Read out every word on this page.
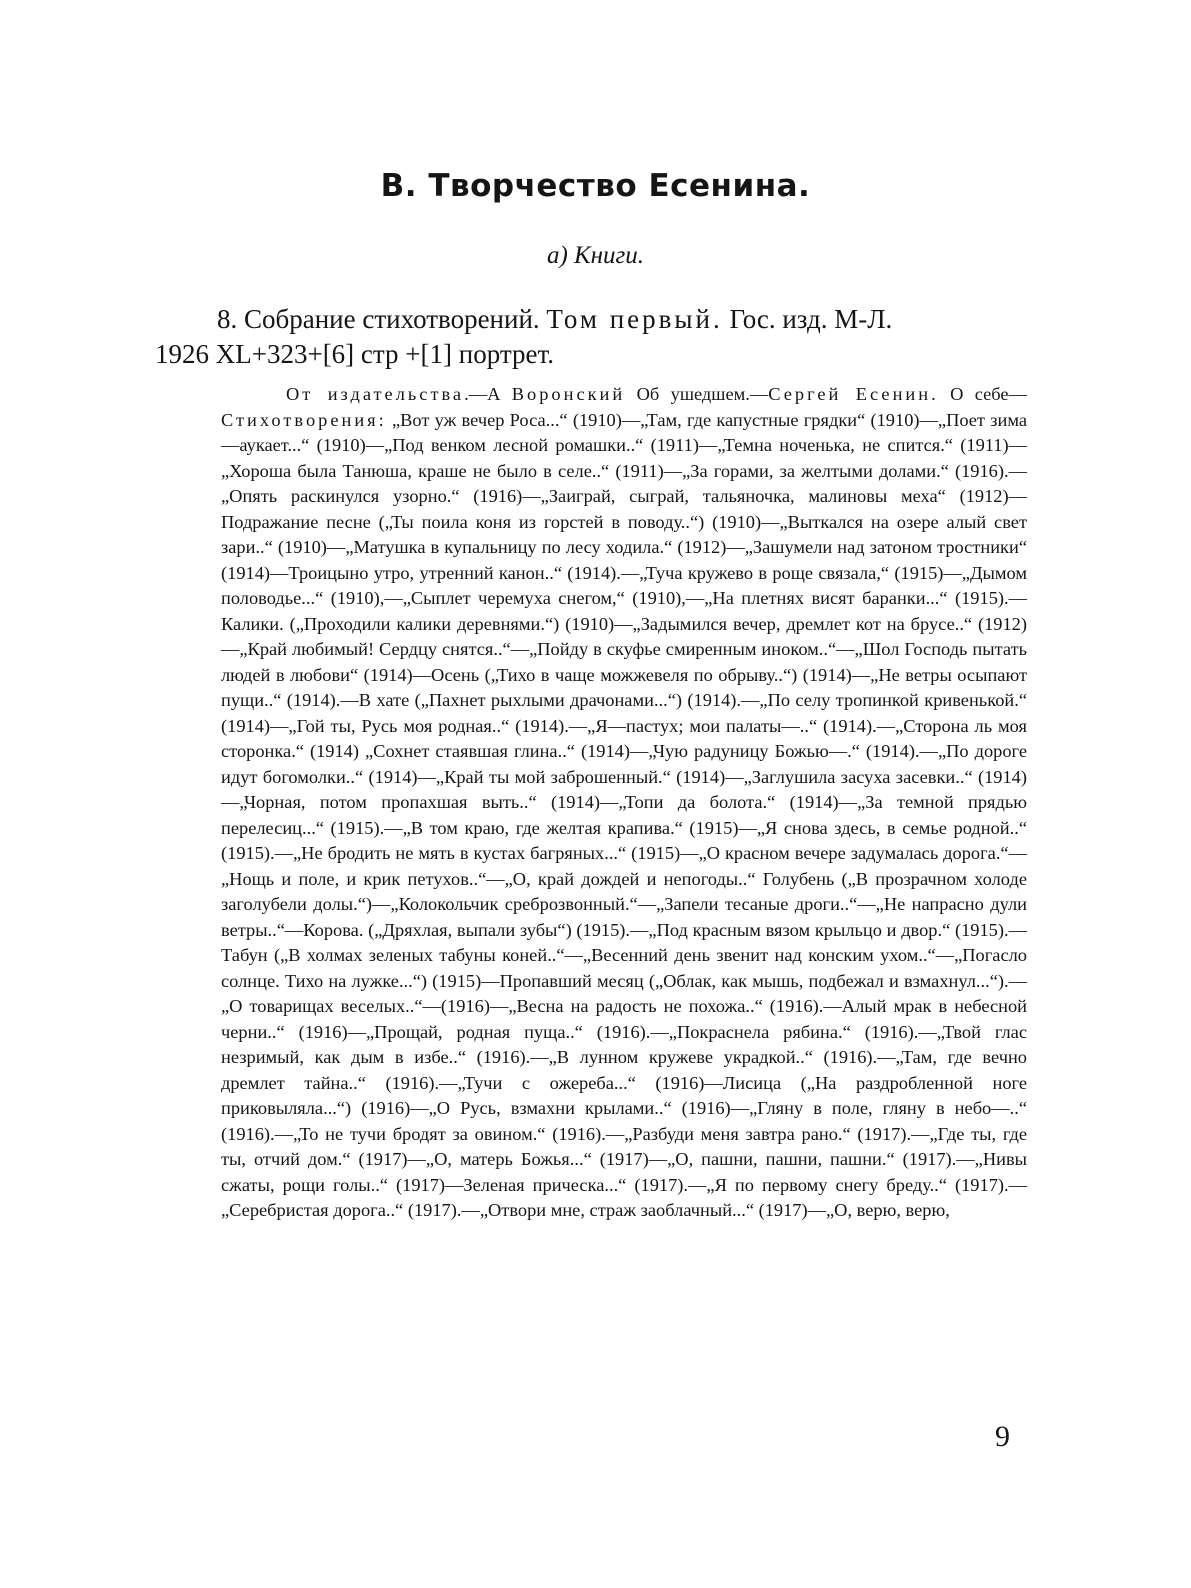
B. Творчество Есенина.
а) Книги.
8. Собрание стихотворений. Том первый. Гос. изд. М-Л.
1926 XL+323+[6] стр +[1] портрет.
От издательства.—А Воронский Об ушедшем.—Сергей Есенин. О себе—Стихотворения: „Вот уж вечер Роса...“ (1910)—„Там, где капустные грядки“ (1910)—„Поет зима—аукает...“ (1910)—„Под венком лесной ромашки..“ (1911)—„Темна ноченька, не спится.“ (1911)—„Хороша была Танюша, краше не было в селе..“ (1911)—„За горами, за желтыми долами.“ (1916).—„Опять раскинулся узорно.“ (1916)—„Заиграй, сыграй, тальяночка, малиновы меха“ (1912)—Подражание песне („Ты поила коня из горстей в поводу..“) (1910)—„Выткался на озере алый свет зари..“ (1910)—„Матушка в купальницу по лесу ходила.“ (1912)—„Зашумели над затоном тростники“ (1914)—Троицыно утро, утренний канон..“ (1914).—„Туча кружево в роще связала,“ (1915)—„Дымом половодье...“ (1910),—„Сыплет черемуха снегом,“ (1910),—„На плетнях висят баранки...“ (1915).—Калики. („Проходили калики деревнями.“) (1910)—„Задымился вечер, дремлет кот на брусе..“ (1912)—„Край любимый! Сердцу снятся..“—„Пойду в скуфье смиренным иноком..“—„Шол Господь пытать людей в любови“ (1914)—Осень („Тихо в чаще можжевеля по обрыву..“) (1914)—„Не ветры осыпают пущи..“ (1914).—В хате („Пахнет рыхлыми драчонами...“) (1914).—„По селу тропинкой кривенькой.“ (1914)—„Гой ты, Русь моя родная..“ (1914).—„Я—пастух; мои палаты—..“ (1914).—„Сторона ль моя сторонка.“ (1914) „Сохнет стаявшая глина..“ (1914)—„Чую радуницу Божью—.“ (1914).—„По дороге идут богомолки..“ (1914)—„Край ты мой заброшенный.“ (1914)—„Заглушила засуха засевки..“ (1914)—„Чорная, потом пропахшая выть..“ (1914)—„Топи да болота.“ (1914)—„За темной прядью перелесиц...“ (1915).—„В том краю, где желтая крапива.“ (1915)—„Я снова здесь, в семье родной..“ (1915).—„Не бродить не мять в кустах багряных...“ (1915)—„О красном вечере задумалась дорога.“—„Нощь и поле, и крик петухов..“—„О, край дождей и непогоды..“ Голубень („В прозрачном холоде заголубели долы.“)—„Колокольчик среброзвонный.“—„Запели тесаные дроги..“—„Не напрасно дули ветры..“—Корова. („Дряхлая, выпали зубы“) (1915).—„Под красным вязом крыльцо и двор.“ (1915).—Табун („В холмах зеленых табуны коней..“—„Весенний день звенит над конским ухом..“—„Погасло солнце. Тихо на лужке...“) (1915)—Пропавший месяц („Облак, как мышь, подбежал и взмахнул...“).—„О товарищах веселых..“—(1916)—„Весна на радость не похожа..“ (1916).—Алый мрак в небесной черни..“ (1916)—„Прощай, родная пуща..“ (1916).—„Покраснела рябина.“ (1916).—„Твой глас незримый, как дым в избе..“ (1916).—„В лунном кружеве украдкой..“ (1916).—„Там, где вечно дремлет тайна..“ (1916).—„Тучи с ожереба...“ (1916)—Лисица („На раздробленной ноге приковыляла...“) (1916)—„О Русь, взмахни крылами..“ (1916)—„Гляну в поле, гляну в небо—..“ (1916).—„То не тучи бродят за овином.“ (1916).—„Разбуди меня завтра рано.“ (1917).—„Где ты, где ты, отчий дом.“ (1917)—„О, матерь Божья...“ (1917)—„О, пашни, пашни, пашни.“ (1917).—„Нивы сжаты, рощи голы..“ (1917)—Зеленая прическа...“ (1917).—„Я по первому снегу бреду..“ (1917).—„Серебристая дорога..“ (1917).—„Отвори мне, страж заоблачный...“ (1917)—„О, верю, верю,
9
